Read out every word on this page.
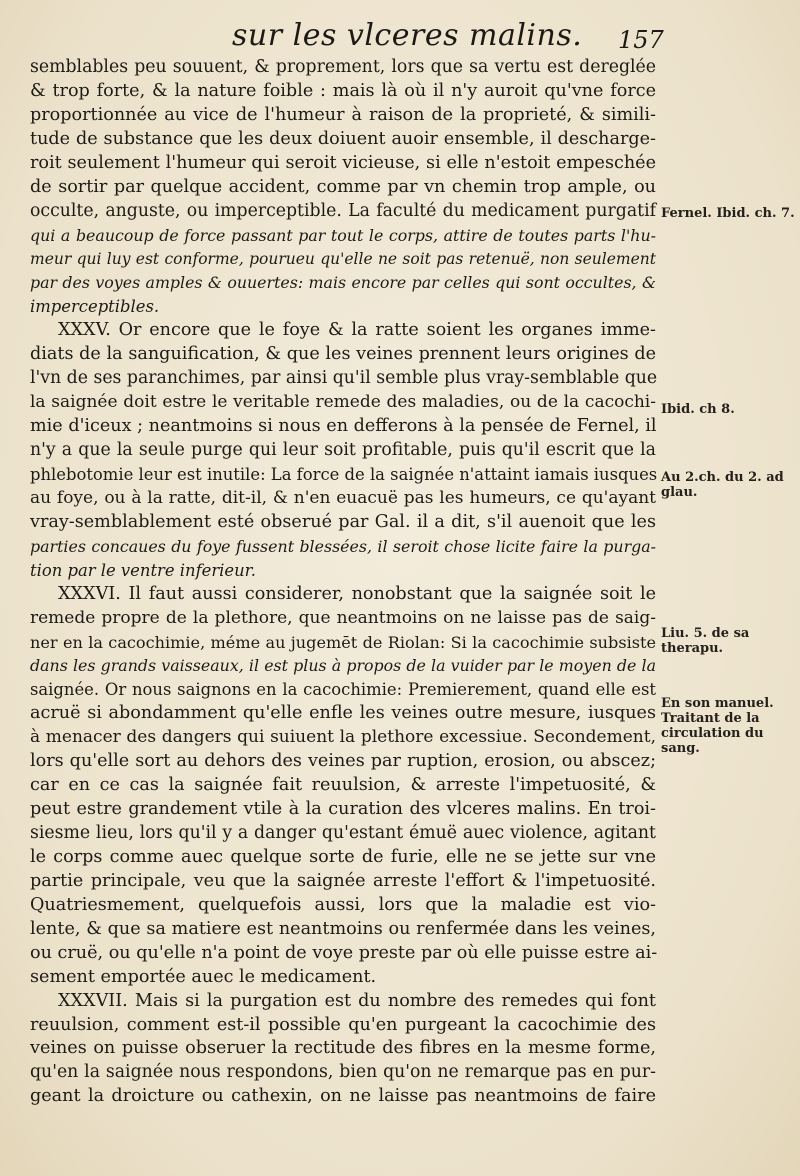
sur les vlceres malins. 157
semblables peu souuent, & proprement, lors que sa vertu est dereglée
& trop forte, & la nature foible : mais là où il n'y auroit qu'vne force
proportionnée au vice de l'humeur à raison de la proprieté, & simili-
tude de substance que les deux doiuent auoir ensemble, il descharge-
roit seulement l'humeur qui seroit vicieuse, si elle n'estoit empeschée
de sortir par quelque accident, comme par vn chemin trop ample, ou
occulte, anguste, ou imperceptible. La faculté du medicament purgatif
qui a beaucoup de force passant par tout le corps, attire de toutes parts l'hu-
meur qui luy est conforme, pourueu qu'elle ne soit pas retenuë, non seulement
par des voyes amples & ouuertes: mais encore par celles qui sont occultes, &
imperceptibles.
XXXV. Or encore que le foye & la ratte soient les organes imme-
diats de la sanguification, & que les veines prennent leurs origines de
l'vn de ses paranchimes, par ainsi qu'il semble plus vray-semblable que
la saignée doit estre le veritable remede des maladies, ou de la cacochi-
mie d'iceux ; neantmoins si nous en defferons à la pensée de Fernel, il
n'y a que la seule purge qui leur soit profitable, puis qu'il escrit que la
phlebotomie leur est inutile: La force de la saignée n'attaint iamais iusques
au foye, ou à la ratte, dit-il, & n'en euacuë pas les humeurs, ce qu'ayant
vray-semblablement esté obserué par Gal. il a dit, s'il auenoit que les
parties concaues du foye fussent blessées, il seroit chose licite faire la purga-
tion par le ventre inferieur.
XXXVI. Il faut aussi considerer, nonobstant que la saignée soit le
remede propre de la plethore, que neantmoins on ne laisse pas de saig-
ner en la cacochimie, méme au jugemēt de Riolan: Si la cacochimie subsiste
dans les grands vaisseaux, il est plus à propos de la vuider par le moyen de la
saignée. Or nous saignons en la cacochimie: Premierement, quand elle est
acruë si abondamment qu'elle enfle les veines outre mesure, iusques
à menacer des dangers qui suiuent la plethore excessiue. Secondement,
lors qu'elle sort au dehors des veines par ruption, erosion, ou abscez;
car en ce cas la saignée fait reuulsion, & arreste l'impetuosité, &
peut estre grandement vtile à la curation des vlceres malins. En troi-
siesme lieu, lors qu'il y a danger qu'estant émuë auec violence, agitant
le corps comme auec quelque sorte de furie, elle ne se jette sur vne
partie principale, veu que la saignée arreste l'effort & l'impetuosité.
Quatriesmement, quelquefois aussi, lors que la maladie est vio-
lente, & que sa matiere est neantmoins ou renfermée dans les veines,
ou cruë, ou qu'elle n'a point de voye preste par où elle puisse estre ai-
sement emportée auec le medicament.
XXXVII. Mais si la purgation est du nombre des remedes qui font
reuulsion, comment est-il possible qu'en purgeant la cacochimie des
veines on puisse obseruer la rectitude des fibres en la mesme forme,
qu'en la saignée nous respondons, bien qu'on ne remarque pas en pur-
geant la droicture ou cathexin, on ne laisse pas neantmoins de faire
Fernel. Ibid. ch. 7.
Ibid. ch 8.
Au 2.ch. du 2. ad glau.
Liu. 5. de sa therapu.
En son manuel. Traitant de la circulation du sang.
